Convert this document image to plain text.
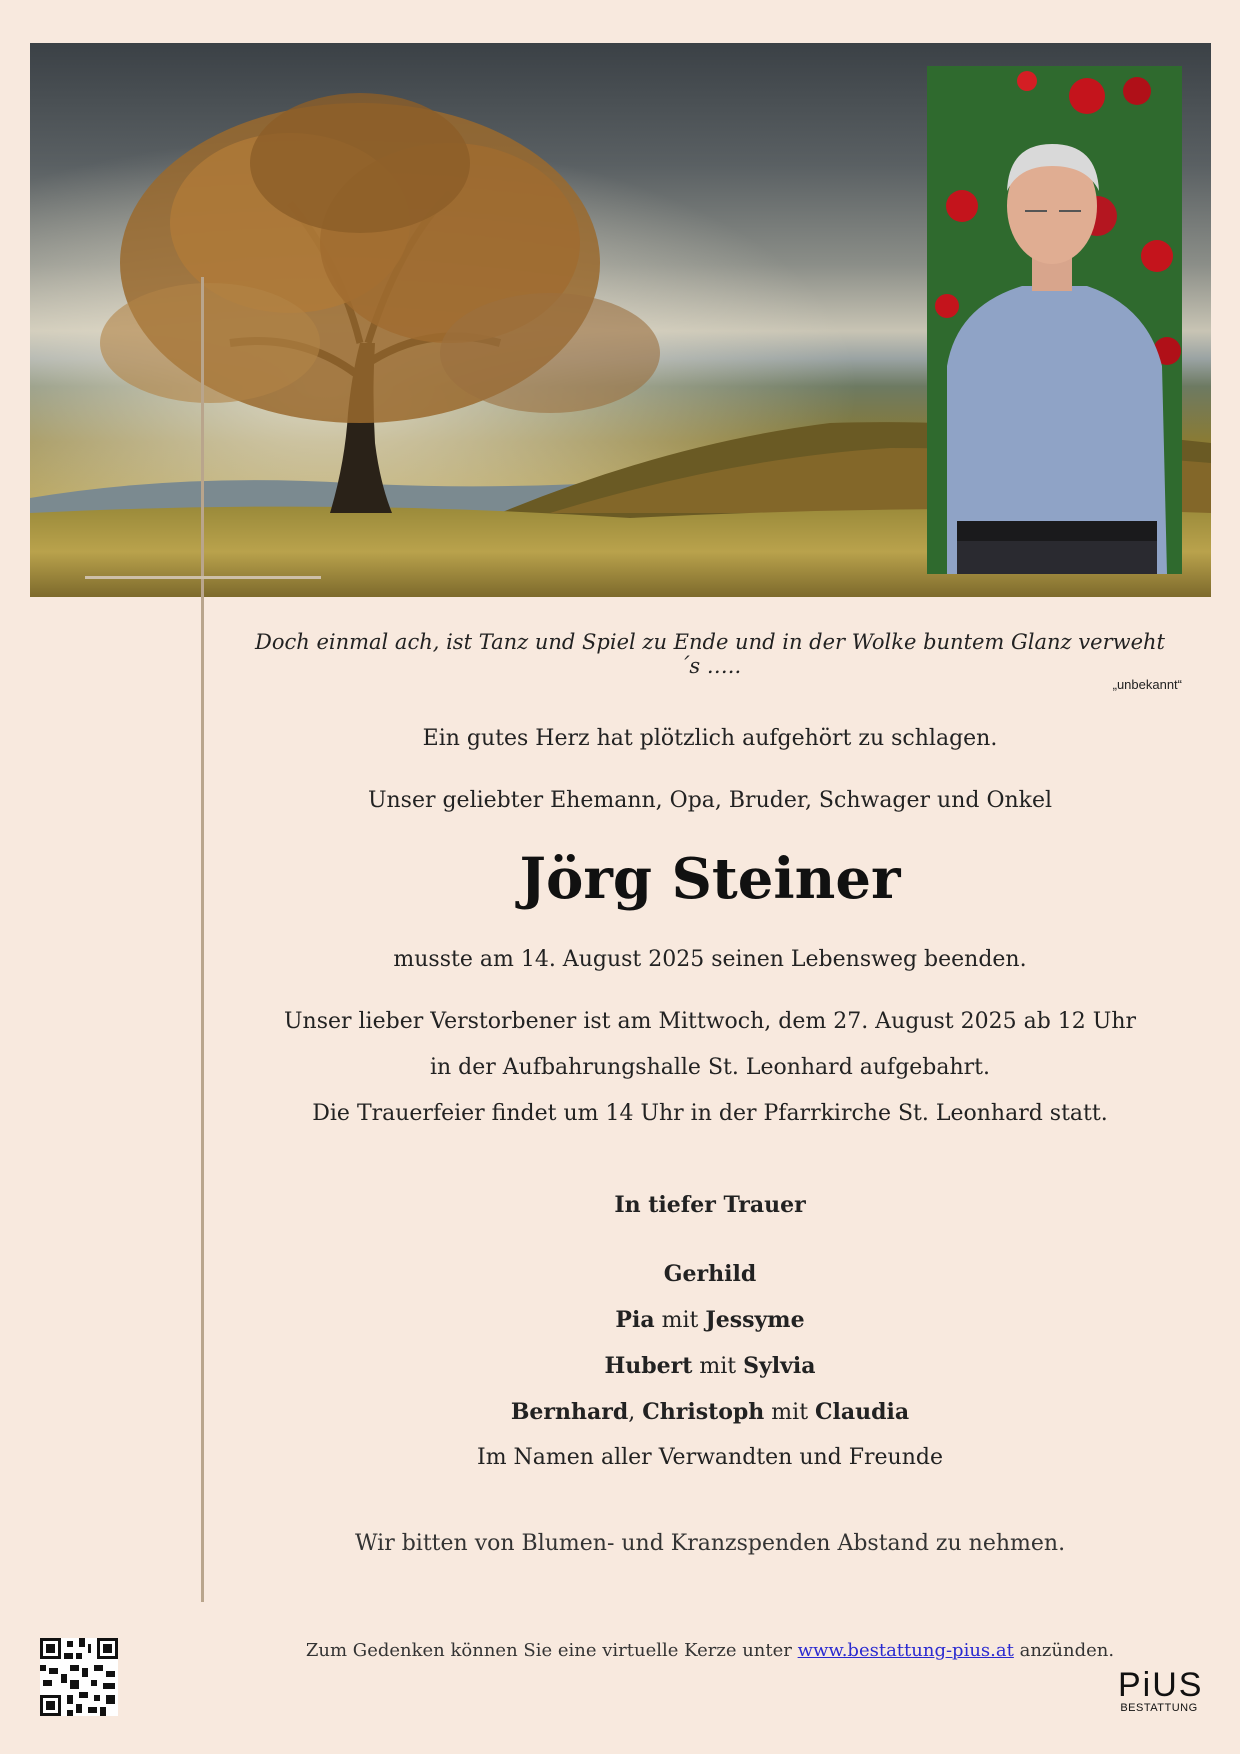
Doch einmal ach, ist Tanz und Spiel zu Ende und in der Wolke buntem Glanz verweht´s …..
„unbekannt“
Ein gutes Herz hat plötzlich aufgehört zu schlagen.
Unser geliebter Ehemann, Opa, Bruder, Schwager und Onkel
Jörg Steiner
musste am 14. August 2025 seinen Lebensweg beenden.
Unser lieber Verstorbener ist am Mittwoch, dem 27. August 2025 ab 12 Uhr
in der Aufbahrungshalle St. Leonhard aufgebahrt.
Die Trauerfeier findet um 14 Uhr in der Pfarrkirche St. Leonhard statt.
In tiefer Trauer
Gerhild
Pia mit Jessyme
Hubert mit Sylvia
Bernhard, Christoph mit Claudia
Im Namen aller Verwandten und Freunde
Wir bitten von Blumen- und Kranzspenden Abstand zu nehmen.
Zum Gedenken können Sie eine virtuelle Kerze unter www.bestattung-pius.at anzünden.
PiUS
BESTATTUNG
